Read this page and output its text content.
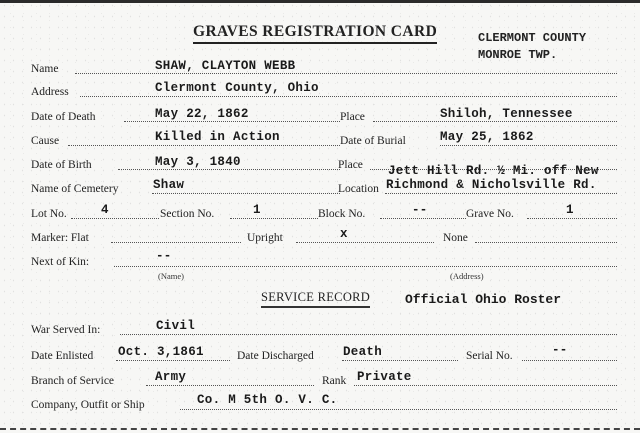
GRAVES REGISTRATION CARD	CLERMONT COUNTY
MONROE TWP.
Name	SHAW, CLAYTON WEBB
Address	Clermont County, Ohio
Date of Death	May 22, 1862	Place	Shiloh, Tennessee
Cause	Killed in Action	Date of Burial	May 25, 1862
Date of Birth	May 3, 1840	Place Jett Hill Rd. ½ Mi. off New
Name of Cemetery	Shaw	Location Richmond & Nicholsville Rd.
Lot No.	4	Section No.	1	Block No.	--	Grave No.	1
Marker: Flat	Upright	x	None
Next of Kin:	--
(Name)	(Address)
SERVICE RECORD	Official Ohio Roster
War Served In:	Civil
Date Enlisted Oct. 3,1861	Date Discharged Death	Serial No.	--
Branch of Service	Army	Rank Private
Company, Outfit or Ship	Co. M 5th O. V. C.
